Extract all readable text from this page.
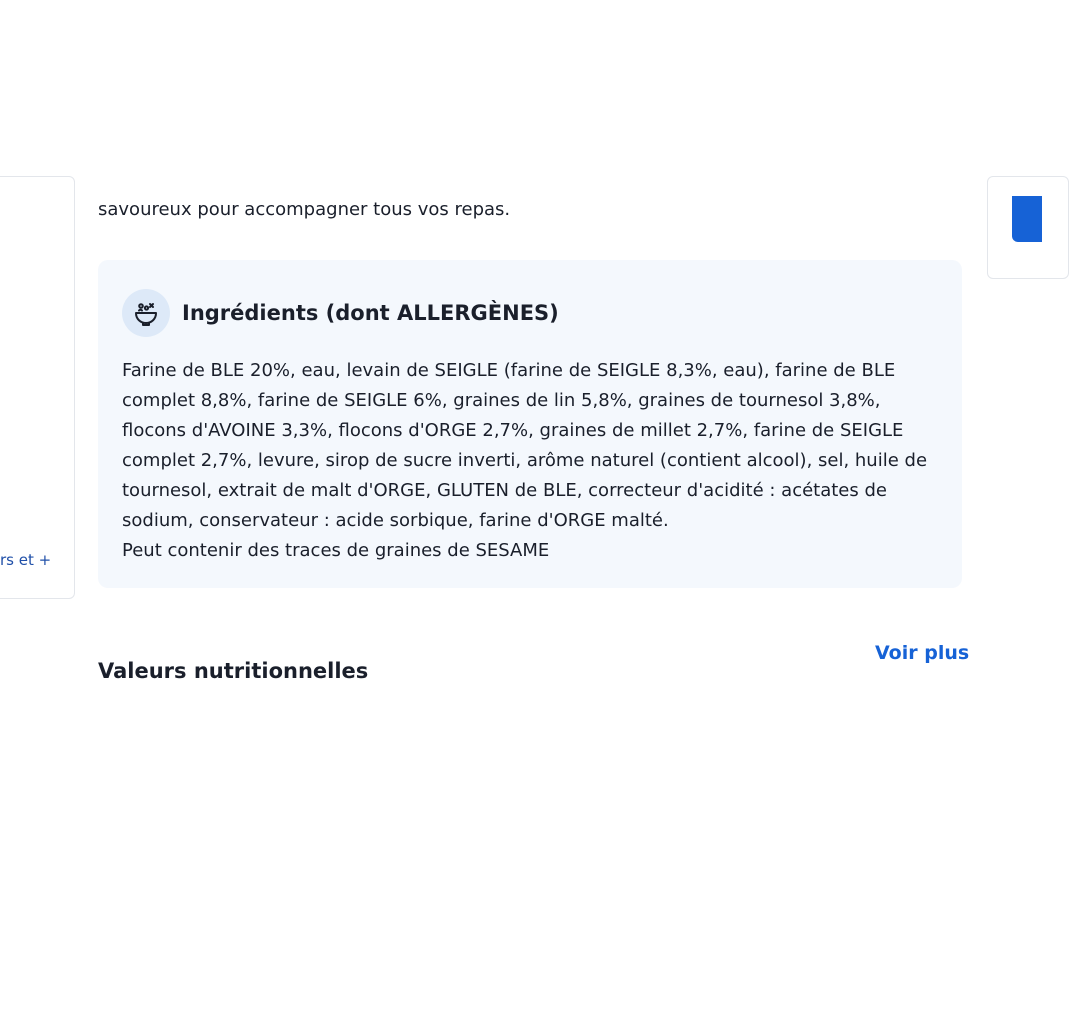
rs et +
savoureux pour accompagner tous vos repas.
Ingrédients (dont ALLERGÈNES)

Farine de BLE 20%, eau, levain de SEIGLE (farine de SEIGLE 8,3%, eau), farine de BLE complet 8,8%, farine de SEIGLE 6%, graines de lin 5,8%, graines de tournesol 3,8%, flocons d'AVOINE 3,3%, flocons d'ORGE 2,7%, graines de millet 2,7%, farine de SEIGLE complet 2,7%, levure, sirop de sucre inverti, arôme naturel (contient alcool), sel, huile de tournesol, extrait de malt d'ORGE, GLUTEN de BLE, correcteur d'acidité : acétates de sodium, conservateur : acide sorbique, farine d'ORGE malté.

Peut contenir des traces de graines de SESAME

Valeurs nutritionnelles
Voir plus
